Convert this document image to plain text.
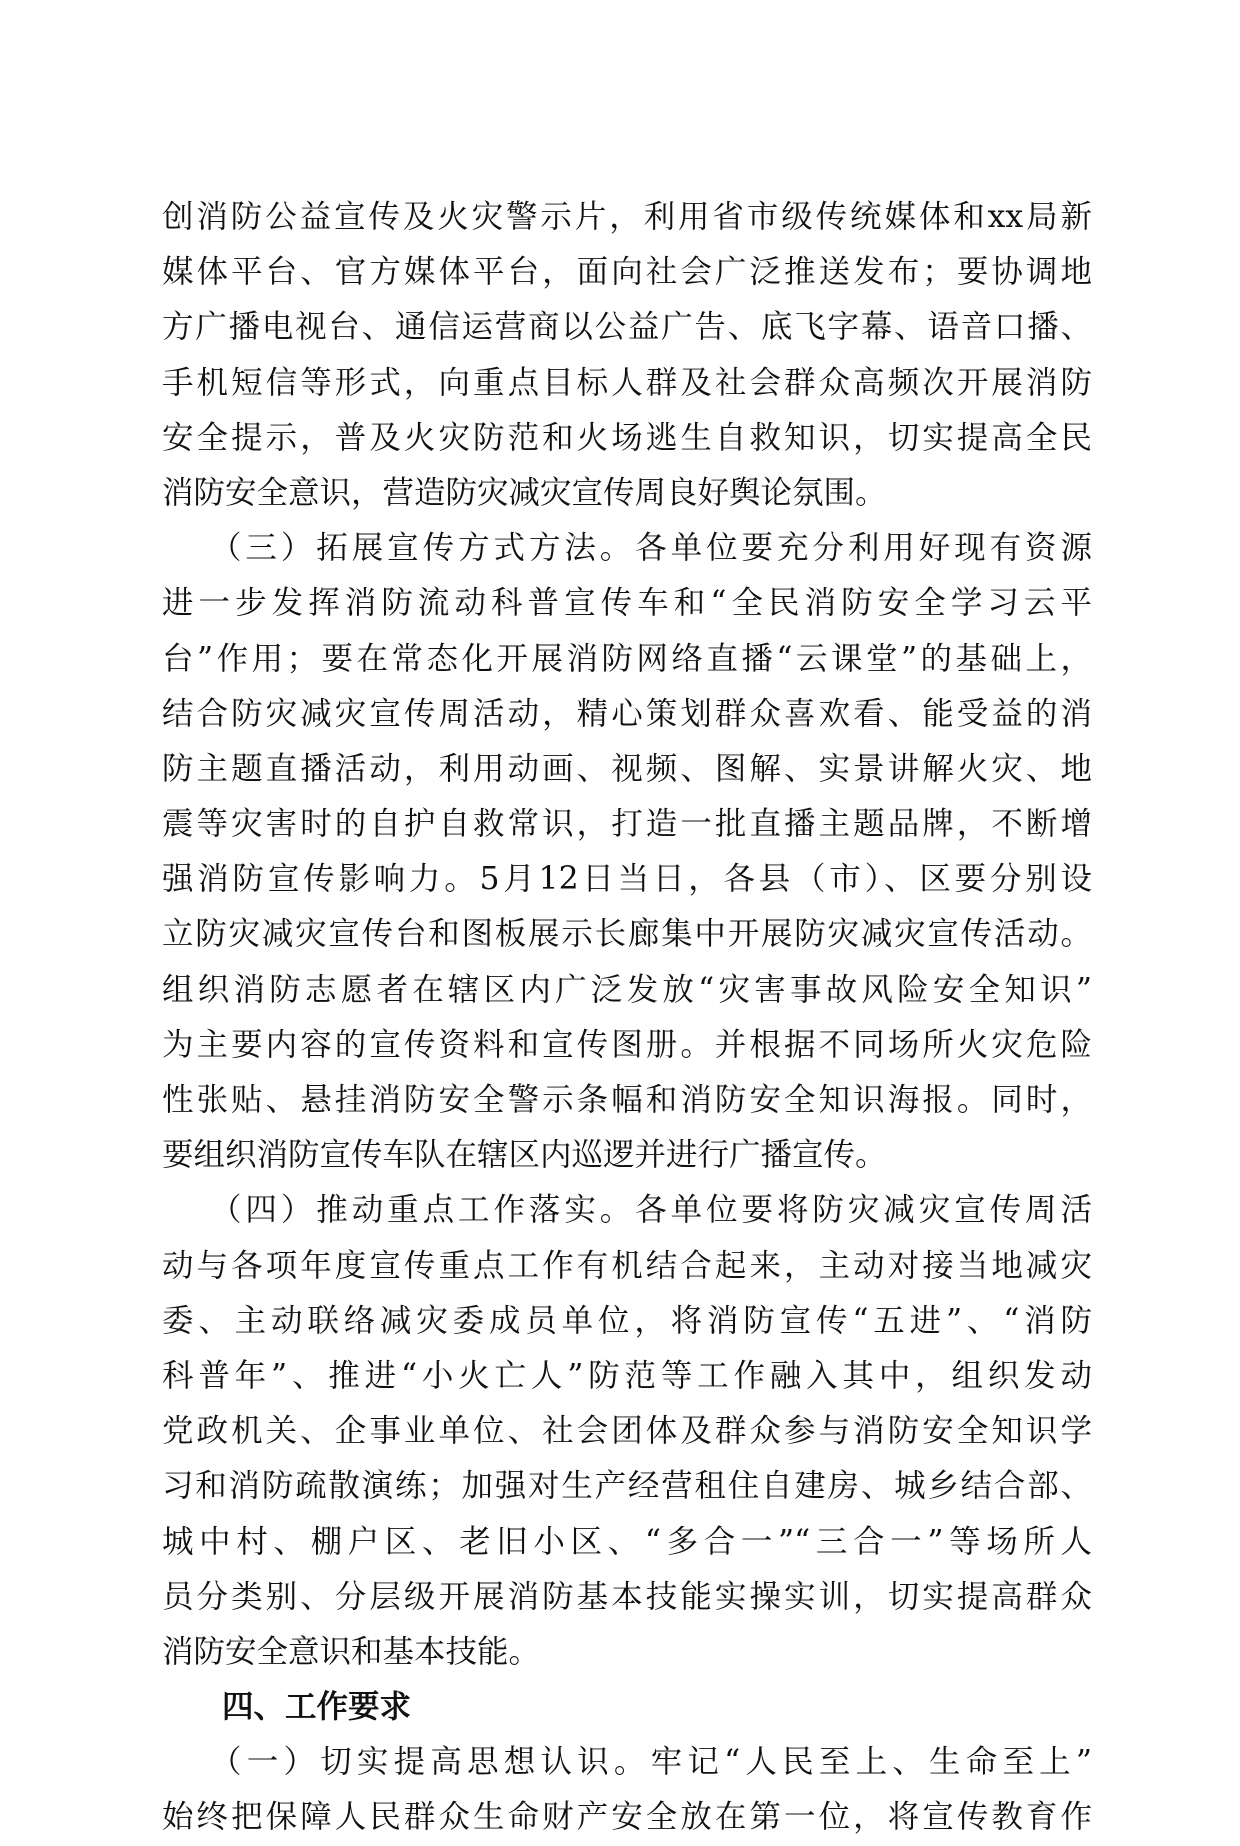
创消防公益宣传及火灾警示片，利用省市级传统媒体和xx局新
媒体平台、官方媒体平台，面向社会广泛推送发布；要协调地
方广播电视台、通信运营商以公益广告、底飞字幕、语音口播、
手机短信等形式，向重点目标人群及社会群众高频次开展消防
安全提示，普及火灾防范和火场逃生自救知识，切实提高全民
消防安全意识，营造防灾减灾宣传周良好舆论氛围。
（三）拓展宣传方式方法。各单位要充分利用好现有资源
进一步发挥消防流动科普宣传车和“全民消防安全学习云平
台”作用；要在常态化开展消防网络直播“云课堂”的基础上，
结合防灾减灾宣传周活动，精心策划群众喜欢看、能受益的消
防主题直播活动，利用动画、视频、图解、实景讲解火灾、地
震等灾害时的自护自救常识，打造一批直播主题品牌，不断增
强消防宣传影响力。5月12日当日，各县（市）、区要分别设
立防灾减灾宣传台和图板展示长廊集中开展防灾减灾宣传活动。
组织消防志愿者在辖区内广泛发放“灾害事故风险安全知识”
为主要内容的宣传资料和宣传图册。并根据不同场所火灾危险
性张贴、悬挂消防安全警示条幅和消防安全知识海报。同时，
要组织消防宣传车队在辖区内巡逻并进行广播宣传。
（四）推动重点工作落实。各单位要将防灾减灾宣传周活
动与各项年度宣传重点工作有机结合起来，主动对接当地减灾
委、主动联络减灾委成员单位，将消防宣传“五进”、“消防
科普年”、推进“小火亡人”防范等工作融入其中，组织发动
党政机关、企事业单位、社会团体及群众参与消防安全知识学
习和消防疏散演练；加强对生产经营租住自建房、城乡结合部、
城中村、棚户区、老旧小区、“多合一”“三合一”等场所人
员分类别、分层级开展消防基本技能实操实训，切实提高群众
消防安全意识和基本技能。
四、工作要求
（一）切实提高思想认识。牢记“人民至上、生命至上”
始终把保障人民群众生命财产安全放在第一位，将宣传教育作
